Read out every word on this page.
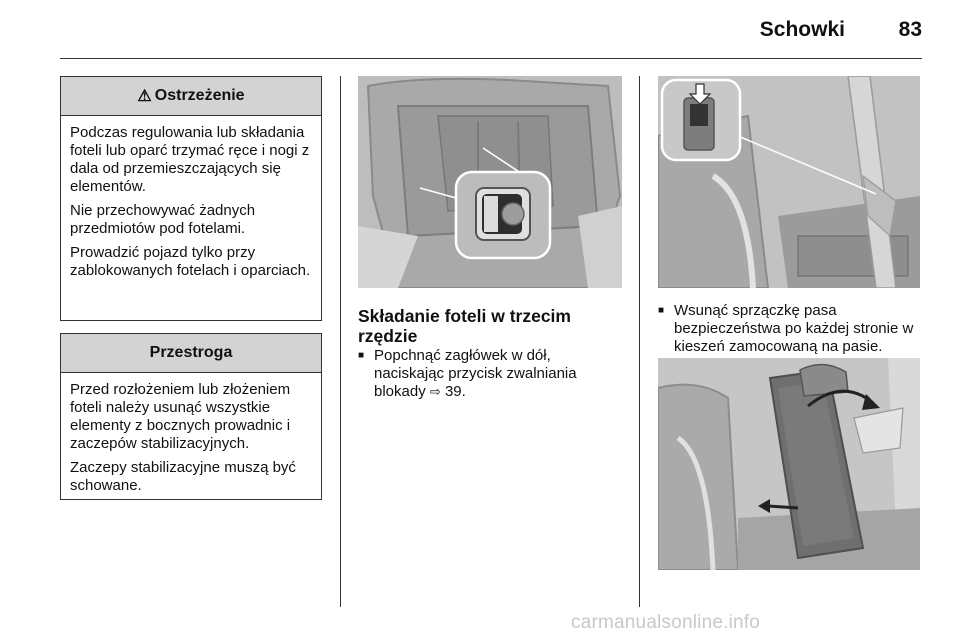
Schowki	83
⚠ Ostrzeżenie

Podczas regulowania lub składania foteli lub oparć trzymać ręce i nogi z dala od przemieszczających się elementów.

Nie przechowywać żadnych przedmiotów pod fotelami.

Prowadzić pojazd tylko przy zablokowanych fotelach i oparciach.

Przestroga

Przed rozłożeniem lub złożeniem foteli należy usunąć wszystkie elementy z bocznych prowadnic i zaczepów stabilizacyjnych.

Zaczepy stabilizacyjne muszą być schowane.

Składanie foteli w trzecim rzędzie
■ Popchnąć zagłówek w dół, naciskając przycisk zwalniania blokady ⇨ 39.
■ Wsunąć sprzączkę pasa bezpieczeństwa po każdej stronie w kieszeń zamocowaną na pasie.
carmanualsonline.info
